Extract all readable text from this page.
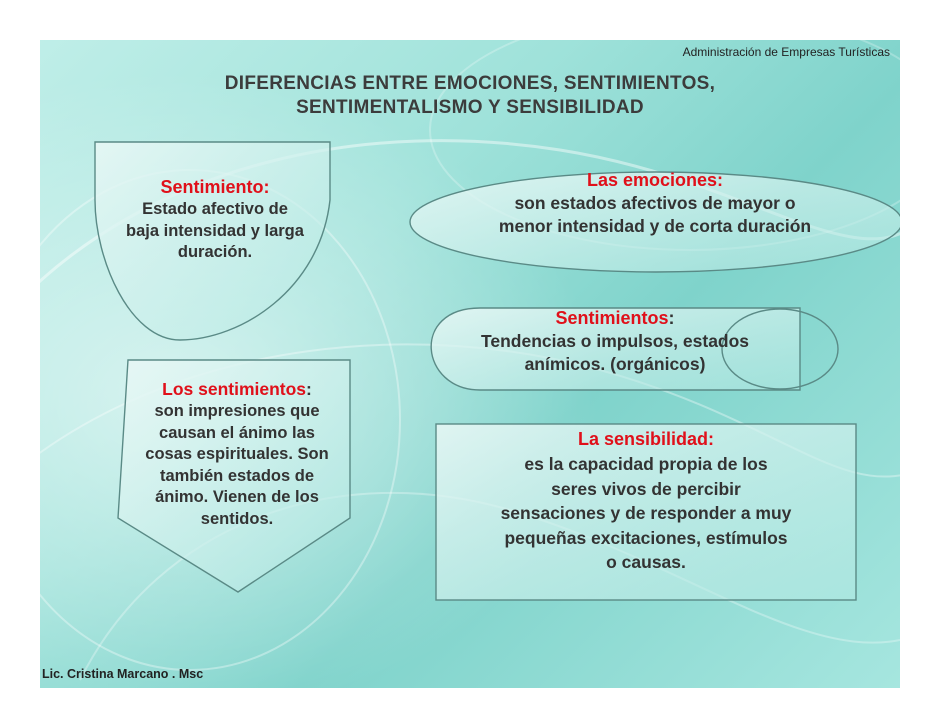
Administración de Empresas Turísticas
DIFERENCIAS ENTRE EMOCIONES, SENTIMIENTOS,
SENTIMENTALISMO Y SENSIBILIDAD
Sentimiento:
Estado afectivo de
baja intensidad y larga
duración.
Las emociones:
son estados afectivos de mayor o
menor intensidad y de corta duración
Sentimientos:
Tendencias o impulsos, estados
anímicos. (orgánicos)
Los sentimientos:
son impresiones que
causan el ánimo las
cosas espirituales. Son
también estados de
ánimo. Vienen de los
sentidos.
La sensibilidad:
es la capacidad propia de los
seres vivos de percibir
sensaciones y de responder a muy
pequeñas excitaciones, estímulos
o causas.
Lic. Cristina Marcano . Msc
